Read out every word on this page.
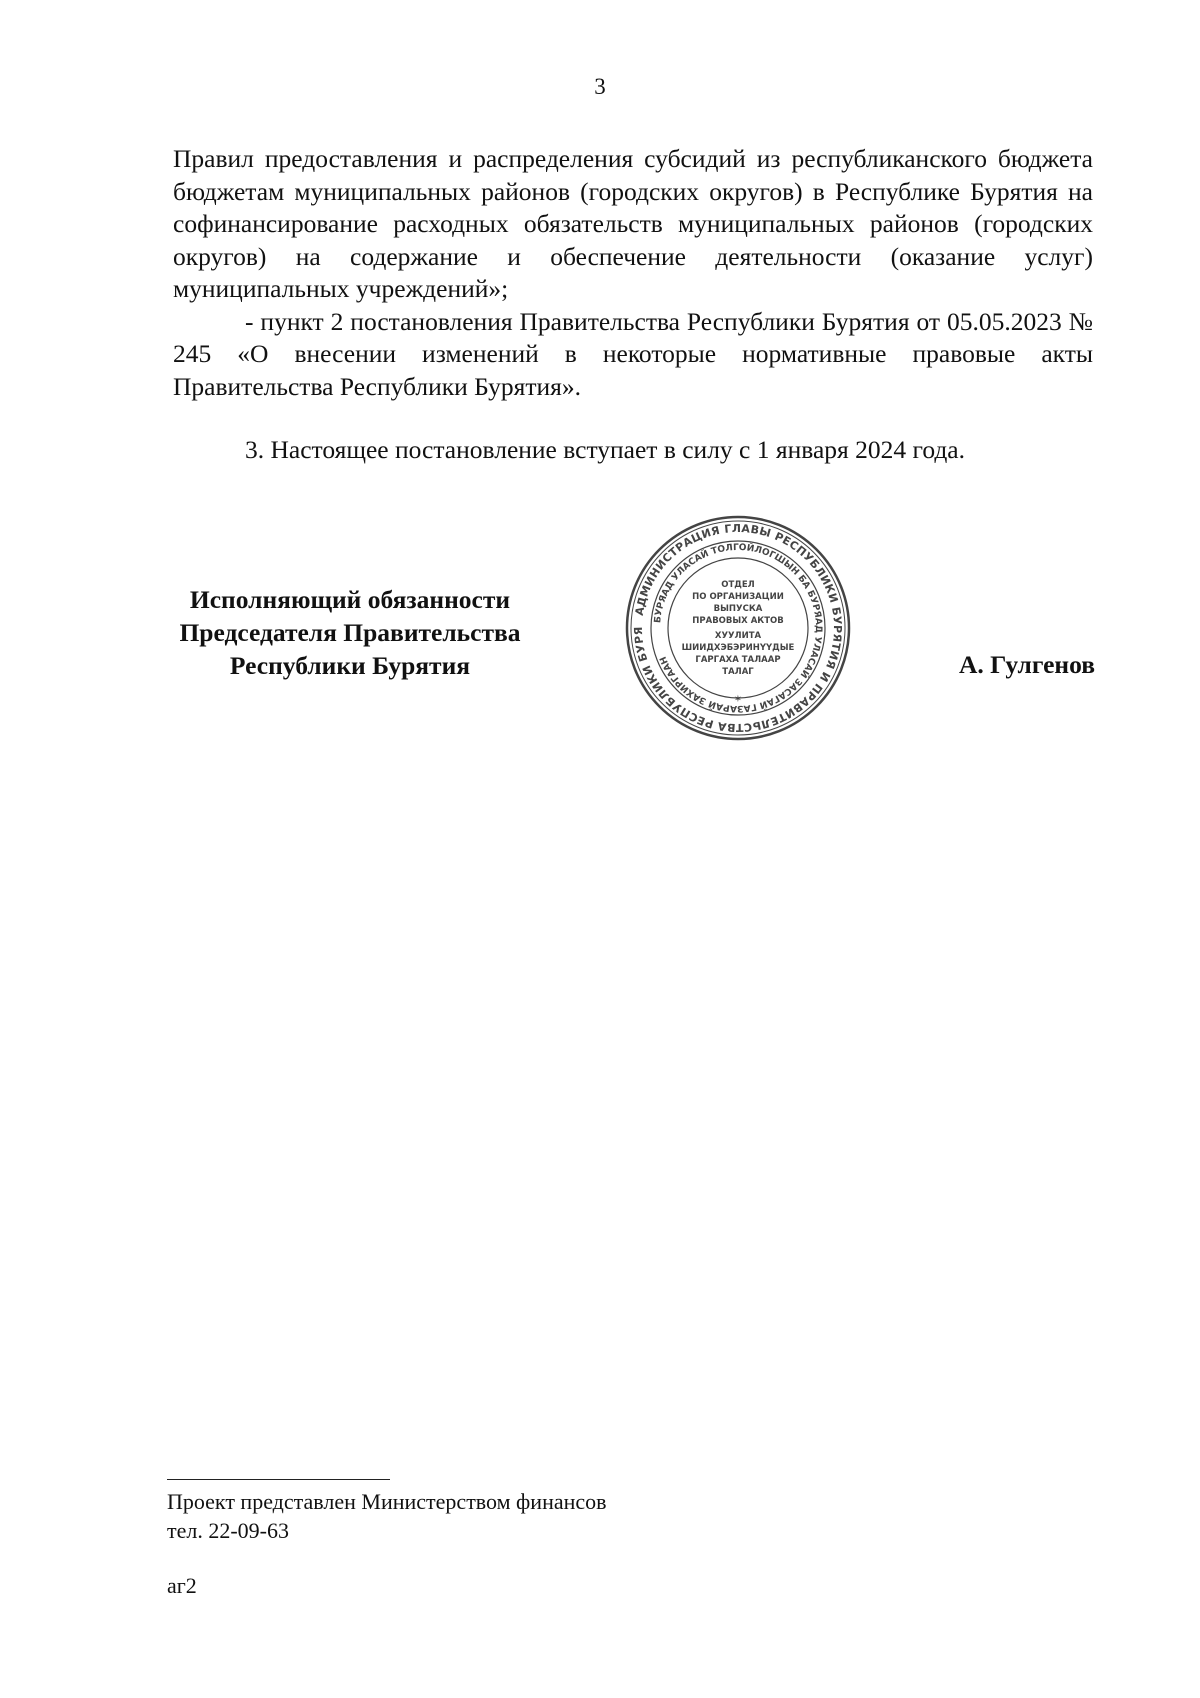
3

Правил предоставления и распределения субсидий из республиканского бюджета бюджетам муниципальных районов (городских округов) в Республике Бурятия на софинансирование расходных обязательств муниципальных районов (городских округов) на содержание и обеспечение деятельности (оказание услуг) муниципальных учреждений»;

- пункт 2 постановления Правительства Республики Бурятия от 05.05.2023 № 245 «О внесении изменений в некоторые нормативные правовые акты Правительства Республики Бурятия».

3. Настоящее постановление вступает в силу с 1 января 2024 года.

Исполняющий обязанности
Председателя Правительства
Республики Бурятия
АДМИНИСТРАЦИЯ ГЛАВЫ РЕСПУБЛИКИ БУРЯТИЯ И ПРАВИТЕЛЬСТВА РЕСПУБЛИКИ БУРЯ
БУРЯАД УЛАСАЙ ТОЛГОЙЛОГШЫН БА БУРЯАД УЛАСАЙ ЗАСАГАЙ ГАЗАРАЙ ЗАХИРГААН
ОТДЕЛ
ПО ОРГАНИЗАЦИИ
ВЫПУСКА
ПРАВОВЫХ АКТОВ
ХУУЛИТА
ШИИДХЭБЭРИНҮҮДЫЕ
ГАРГАХА ТАЛААР
ТАЛАГ
✶
А. Гулгенов
Проект представлен Министерством финансов
тел. 22-09-63
аг2
